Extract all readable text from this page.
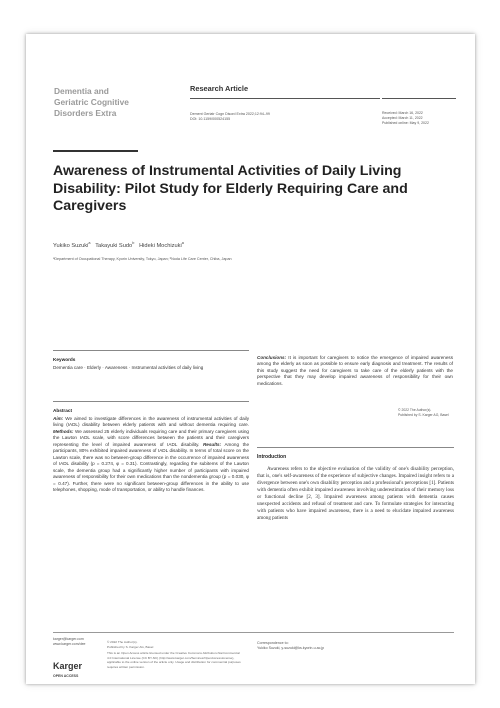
Dementia and
Geriatric Cognitive
Disorders Extra
Research Article
Dement Geriatr Cogn Disord Extra 2022;12:94–99
DOI: 10.1159/000524155
Received: March 16, 2022
Accepted: March 11, 2022
Published online: May 9, 2022
Awareness of Instrumental Activities of Daily Living Disability: Pilot Study for Elderly Requiring Care and Caregivers
Yukiko Suzuki$^a$ Takayuki Sudo$^b$ Hideki Mochizuki$^a$
ᵃDepartment of Occupational Therapy, Kyorin University, Tokyo, Japan; ᵇNoda Life Care Center, Chiba, Japan
Keywords
Dementia care · Elderly · Awareness · Instrumental activities of daily living
Abstract
Aim: We aimed to investigate differences in the awareness of instrumental activities of daily living (IADL) disability between elderly patients with and without dementia requiring care. Methods: We assessed 25 elderly individuals requiring care and their primary caregivers using the Lawton IADL scale, with score differences between the patients and their caregivers representing the level of impaired awareness of IADL disability. Results: Among the participants, 80% exhibited impaired awareness of IADL disability. In terms of total score on the Lawton scale, there was no between-group difference in the occurrence of impaired awareness of IADL disability (p = 0.274, φ = 0.31). Contrastingly, regarding the subitems of the Lawton scale, the dementia group had a significantly higher number of participants with impaired awareness of responsibility for their own medications than the nondementia group (p = 0.030, φ = 0.47). Further, there were no significant between-group differences in the ability to use telephones, shopping, mode of transportation, or ability to handle finances.
Conclusions: It is important for caregivers to notice the emergence of impaired awareness among the elderly as soon as possible to ensure early diagnosis and treatment. The results of this study suggest the need for caregivers to take care of the elderly patients with the perspective that they may develop impaired awareness of responsibility for their own medications.
© 2022 The Author(s).
Published by S. Karger AG, Basel
Introduction
Awareness refers to the objective evaluation of the validity of one's disability perception, that is, one's self-awareness of the experience of subjective changes. Impaired insight refers to a divergence between one's own disability perception and a professional's perceptions [1]. Patients with dementia often exhibit impaired awareness involving underestimation of their memory loss or functional decline [2, 3]. Impaired awareness among patients with dementia causes unexpected accidents and refusal of treatment and care. To formulate strategies for interacting with patients who have impaired awareness, there is a need to elucidate impaired awareness among patients
karger@karger.com
www.karger.com/dee	© 2022 The Author(s).
Published by S. Karger AG, Basel
This is an Open Access article licensed under the Creative Commons Attribution-NonCommercial 4.0 International License (CC BY-NC) (http://www.karger.com/Services/OpenAccessLicense), applicable to the online version of the article only. Usage and distribution for commercial purposes requires written permission.
Karger
OPEN ACCESS
Correspondence to:
Yukiko Suzuki, y-suzuki@ks.kyorin-u.ac.jp
